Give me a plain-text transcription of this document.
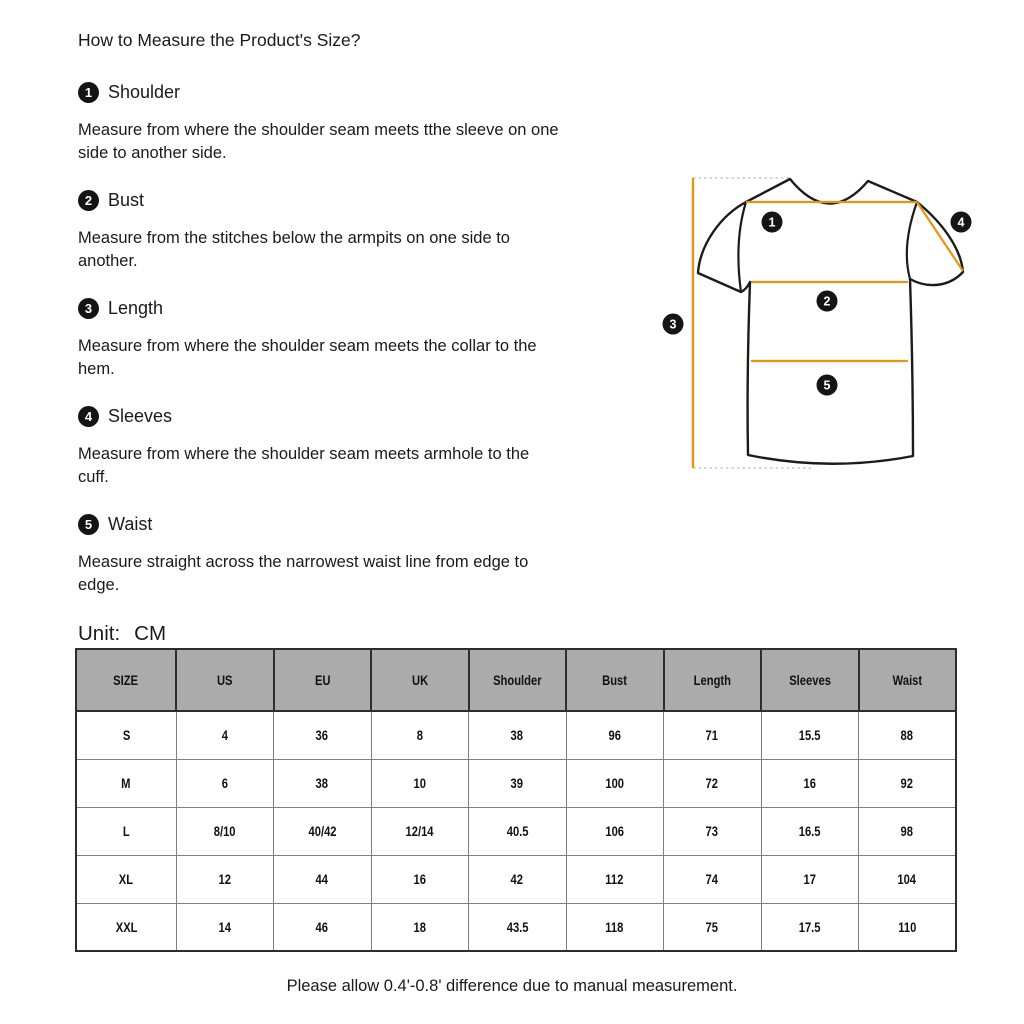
How to Measure the Product's Size?
1 Shoulder
Measure from where the shoulder seam meets tthe sleeve on one
side to another side.
2 Bust
Measure from the stitches below the armpits on one side to
another.
3 Length
Measure from where the shoulder seam meets the collar to the
hem.
4 Sleeves
Measure from where the shoulder seam meets armhole to the
cuff.
5 Waist
Measure straight across the narrowest waist line from edge to
edge.
Unit: CM
1
2
3
4
5
SIZE	US	EU	UK	Shoulder	Bust	Length	Sleeves	Waist
S	4	36	8	38	96	71	15.5	88
M	6	38	10	39	100	72	16	92
L	8/10	40/42	12/14	40.5	106	73	16.5	98
XL	12	44	16	42	112	74	17	104
XXL	14	46	18	43.5	118	75	17.5	110
Please allow 0.4'-0.8' difference due to manual measurement.
